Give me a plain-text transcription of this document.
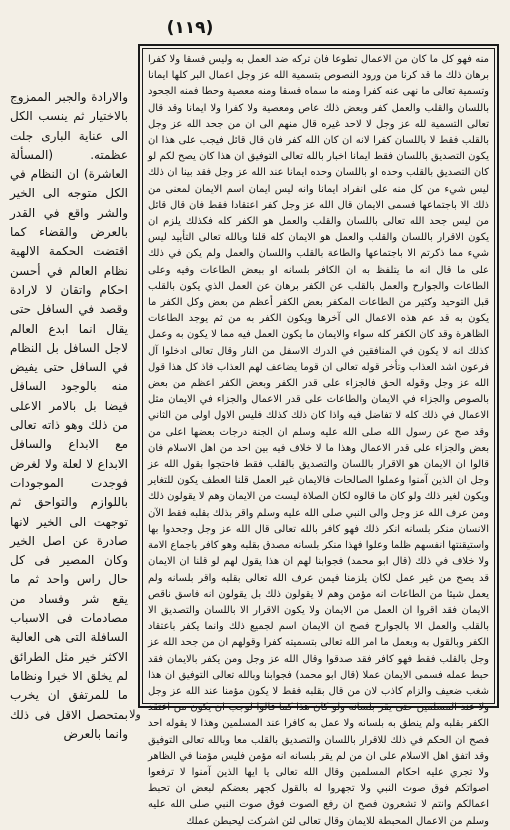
(١١٩)

والارادة والجبر الممزوج بالاختيار ثم ينسب الكل الى عناية البارى جلت عظمته. (المسألة العاشرة) ان النظام في الكل متوجه الى الخير والشر واقع في القدر بالعرض والقضاء كما اقتضت الحكمة الالهية نظام العالم في أحسن احكام واتقان لا لارادة وقصد في السافل حتى يقال انما ابدع العالم لاجل السافل بل النظام في السافل حتى يفيض منه بالوجود السافل فيضا بل بالامر الاعلى من ذلك وهو ذاته تعالى مع الابداع والسافل الابداع لا لعلة ولا لغرض فوجدت الموجودات باللوازم والتواحق ثم توجهت الى الخير لانها صادرة عن اصل الخير وكان المصير فى كل حال راس واحد ثم ما يقع شر وفساد من مصادمات فى الاسباب السافلة التى هى العالية الاكثر خير مثل الطرائق لم يخلق الا خيرا ونظاما ما للمرتفق ان يخرب بمتحصل الاقل فى ذلك وانما بالعرض

منه فهو كل ما كان من الاعمال تطوعا فان تركه ضد العمل به وليس فسقا ولا كفرا برهان ذلك ما قد كرنا من ورود النصوص بتسمية الله عز وجل اعمال البر كلها ايمانا وتسمية تعالى ما نهى عنه كفرا ومنه ما سماه فسقا ومنه معصية وحطا فمنه الجحود باللسان والقلب والعمل كفر وبعض ذلك عاص ومعصية ولا كفرا ولا ايمانا وقد قال تعالى التسمية لله عز وجل لا لاحد غيره قال منهم الى ان من جحد الله عز وجل بالقلب فقط لا باللسان كفرا لانه ان كان الله كفر فان قال قائل فيجب على هذا ان يكون التصديق باللسان فقط ايمانا اخبار بالله تعالى التوفيق ان هذا كان يصح لكم لو كان التصديق بالقلب وحده او باللسان وحده ايمانا عند الله عز وجل فقد بينا ان ذلك ليس شيء من كل منه على انفراد ايمانا وانه ليس ايمان اسم الايمان لمعنى من ذلك الا باجتماعها فسمى الايمان قال الله عز وجل كفر اعتقادا فقط فان قال قائل من ليس جحد الله تعالى باللسان والقلب والعمل هو الكفر كله فكذلك يلزم ان يكون الاقرار باللسان والقلب والعمل هو الايمان كله قلنا وبالله تعالى التأييد ليس شيء مما ذكرتم الا باجتماعها والطاعة بالقلب واللسان والعمل ولم يكن في ذلك على ما قال انه ما يتلفظ به ان الكافر بلسانه او ببعض الطاعات وفيه وعلى الطاعات والجوارح والعمل بالقلب عن الكفر برهان عن العمل الذي يكون بالقلب قبل التوحيد وكثير من الطاعات المكفر بعض الكفر أعظم من بعض وكل الكفر ما يكون به قد عم هذه الاعمال الى آخرها ويكون الكفر به من ثم يوجد الطاعات الظاهرة وقد كان الكفر كله سواء والايمان ما يكون العمل فيه مما لا يكون به وعمل كذلك انه لا يكون في المنافقين في الدرك الاسفل من النار وقال تعالى ادخلوا آل فرعون اشد العذاب وتأخر قوله تعالى ان قوما يضاعف لهم العذاب فاذ كل هذا قول الله عز وجل وقوله الحق فالجزاء على قدر الكفر وبعض الكفر اعظم من بعض بالصوص والجزاء في الايمان والطاعات على قدر الاعمال والجزاء في الايمان مثل الاعمال في ذلك كله لا تفاضل فيه واذا كان ذلك كذلك فليس الاول اولى من الثاني وقد صح عن رسول الله صلى الله عليه وسلم ان الجنة درجات بعضها اعلى من بعض والجزاء على قدر الاعمال وهذا ما لا خلاف فيه بين احد من اهل الاسلام فان قالوا ان الايمان هو الاقرار باللسان والتصديق بالقلب فقط فاحتجوا بقول الله عز وجل ان الذين آمنوا وعملوا الصالحات فالايمان غير العمل قلنا العطف يكون للتغاير ويكون لغير ذلك ولو كان ما قالوه لكان الصلاة ليست من الايمان وهم لا يقولون ذلك ومن عرف الله عز وجل والى النبي صلى الله عليه وسلم واقر بذلك بقلبه فقط الآن الانسان منكر بلسانه انكر ذلك فهو كافر بالله تعالى قال الله عز وجل وجحدوا بها واستيقنتها انفسهم ظلما وعلوا فهذا منكر بلسانه مصدق بقلبه وهو كافر باجماع الامة ولا خلاف في ذلك (قال ابو محمد) فجوابنا لهم ان هذا يقول لهم لو قلنا ان الايمان قد يصح من غير عمل لكان يلزمنا فيمن عرف الله تعالى بقلبه واقر بلسانه ولم يعمل شيئا من الطاعات انه مؤمن وهم لا يقولون ذلك بل يقولون انه فاسق ناقص الايمان فقد اقروا ان العمل من الايمان ولا يكون الاقرار الا باللسان والتصديق الا بالقلب والعمل الا بالجوارح فصح ان الايمان اسم لجميع ذلك وانما يكفر باعتقاد الكفر وبالقول به وبعمل ما امر الله تعالى بتسميته كفرا وقولهم ان من جحد الله عز وجل بالقلب فقط فهو كافر فقد صدقوا وقال الله عز وجل ومن يكفر بالايمان فقد حبط عمله فسمى الايمان عملا (قال ابو محمد) فجوابنا وبالله تعالى التوفيق ان هذا شغب ضعيف والزام كاذب لان من قال بقلبه فقط لا يكون مؤمنا عند الله عز وجل ولا عند المسلمين حتى يقر بلسانه ولو كان هذا كما قالوا لوجب ان يكون من اعتقد الكفر بقلبه ولم ينطق به بلسانه ولا عمل به كافرا عند المسلمين وهذا لا يقوله احد فصح ان الحكم في ذلك للاقرار باللسان والتصديق بالقلب معا وبالله تعالى التوفيق وقد اتفق اهل الاسلام على ان من لم يقر بلسانه انه مؤمن فليس مؤمنا في الظاهر ولا تجري عليه احكام المسلمين وقال الله تعالى يا ايها الذين آمنوا لا ترفعوا اصواتكم فوق صوت النبي ولا تجهروا له بالقول كجهر بعضكم لبعض ان تحبط اعمالكم وانتم لا تشعرون فصح ان رفع الصوت فوق صوت النبي صلى الله عليه وسلم من الاعمال المحبطة للايمان وقال تعالى لئن اشركت ليحبطن عملك

ولا
